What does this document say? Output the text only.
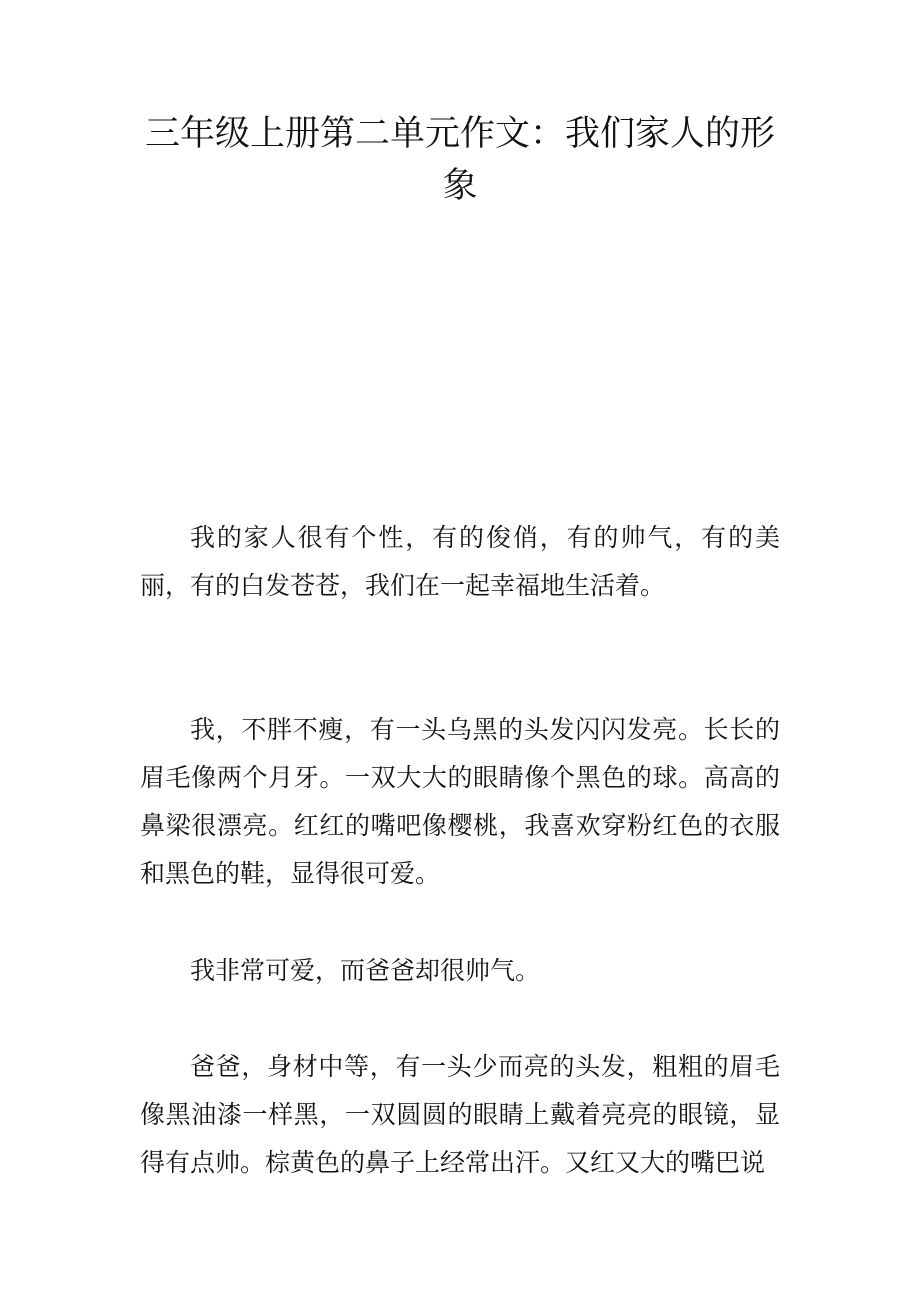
三年级上册第二单元作文：我们家人的形象

我的家人很有个性，有的俊俏，有的帅气，有的美丽，有的白发苍苍，我们在一起幸福地生活着。

我，不胖不瘦，有一头乌黑的头发闪闪发亮。长长的眉毛像两个月牙。一双大大的眼睛像个黑色的球。高高的鼻梁很漂亮。红红的嘴吧像樱桃，我喜欢穿粉红色的衣服和黑色的鞋，显得很可爱。

我非常可爱，而爸爸却很帅气。

爸爸，身材中等，有一头少而亮的头发，粗粗的眉毛像黑油漆一样黑，一双圆圆的眼睛上戴着亮亮的眼镜，显得有点帅。棕黄色的鼻子上经常出汗。又红又大的嘴巴说
